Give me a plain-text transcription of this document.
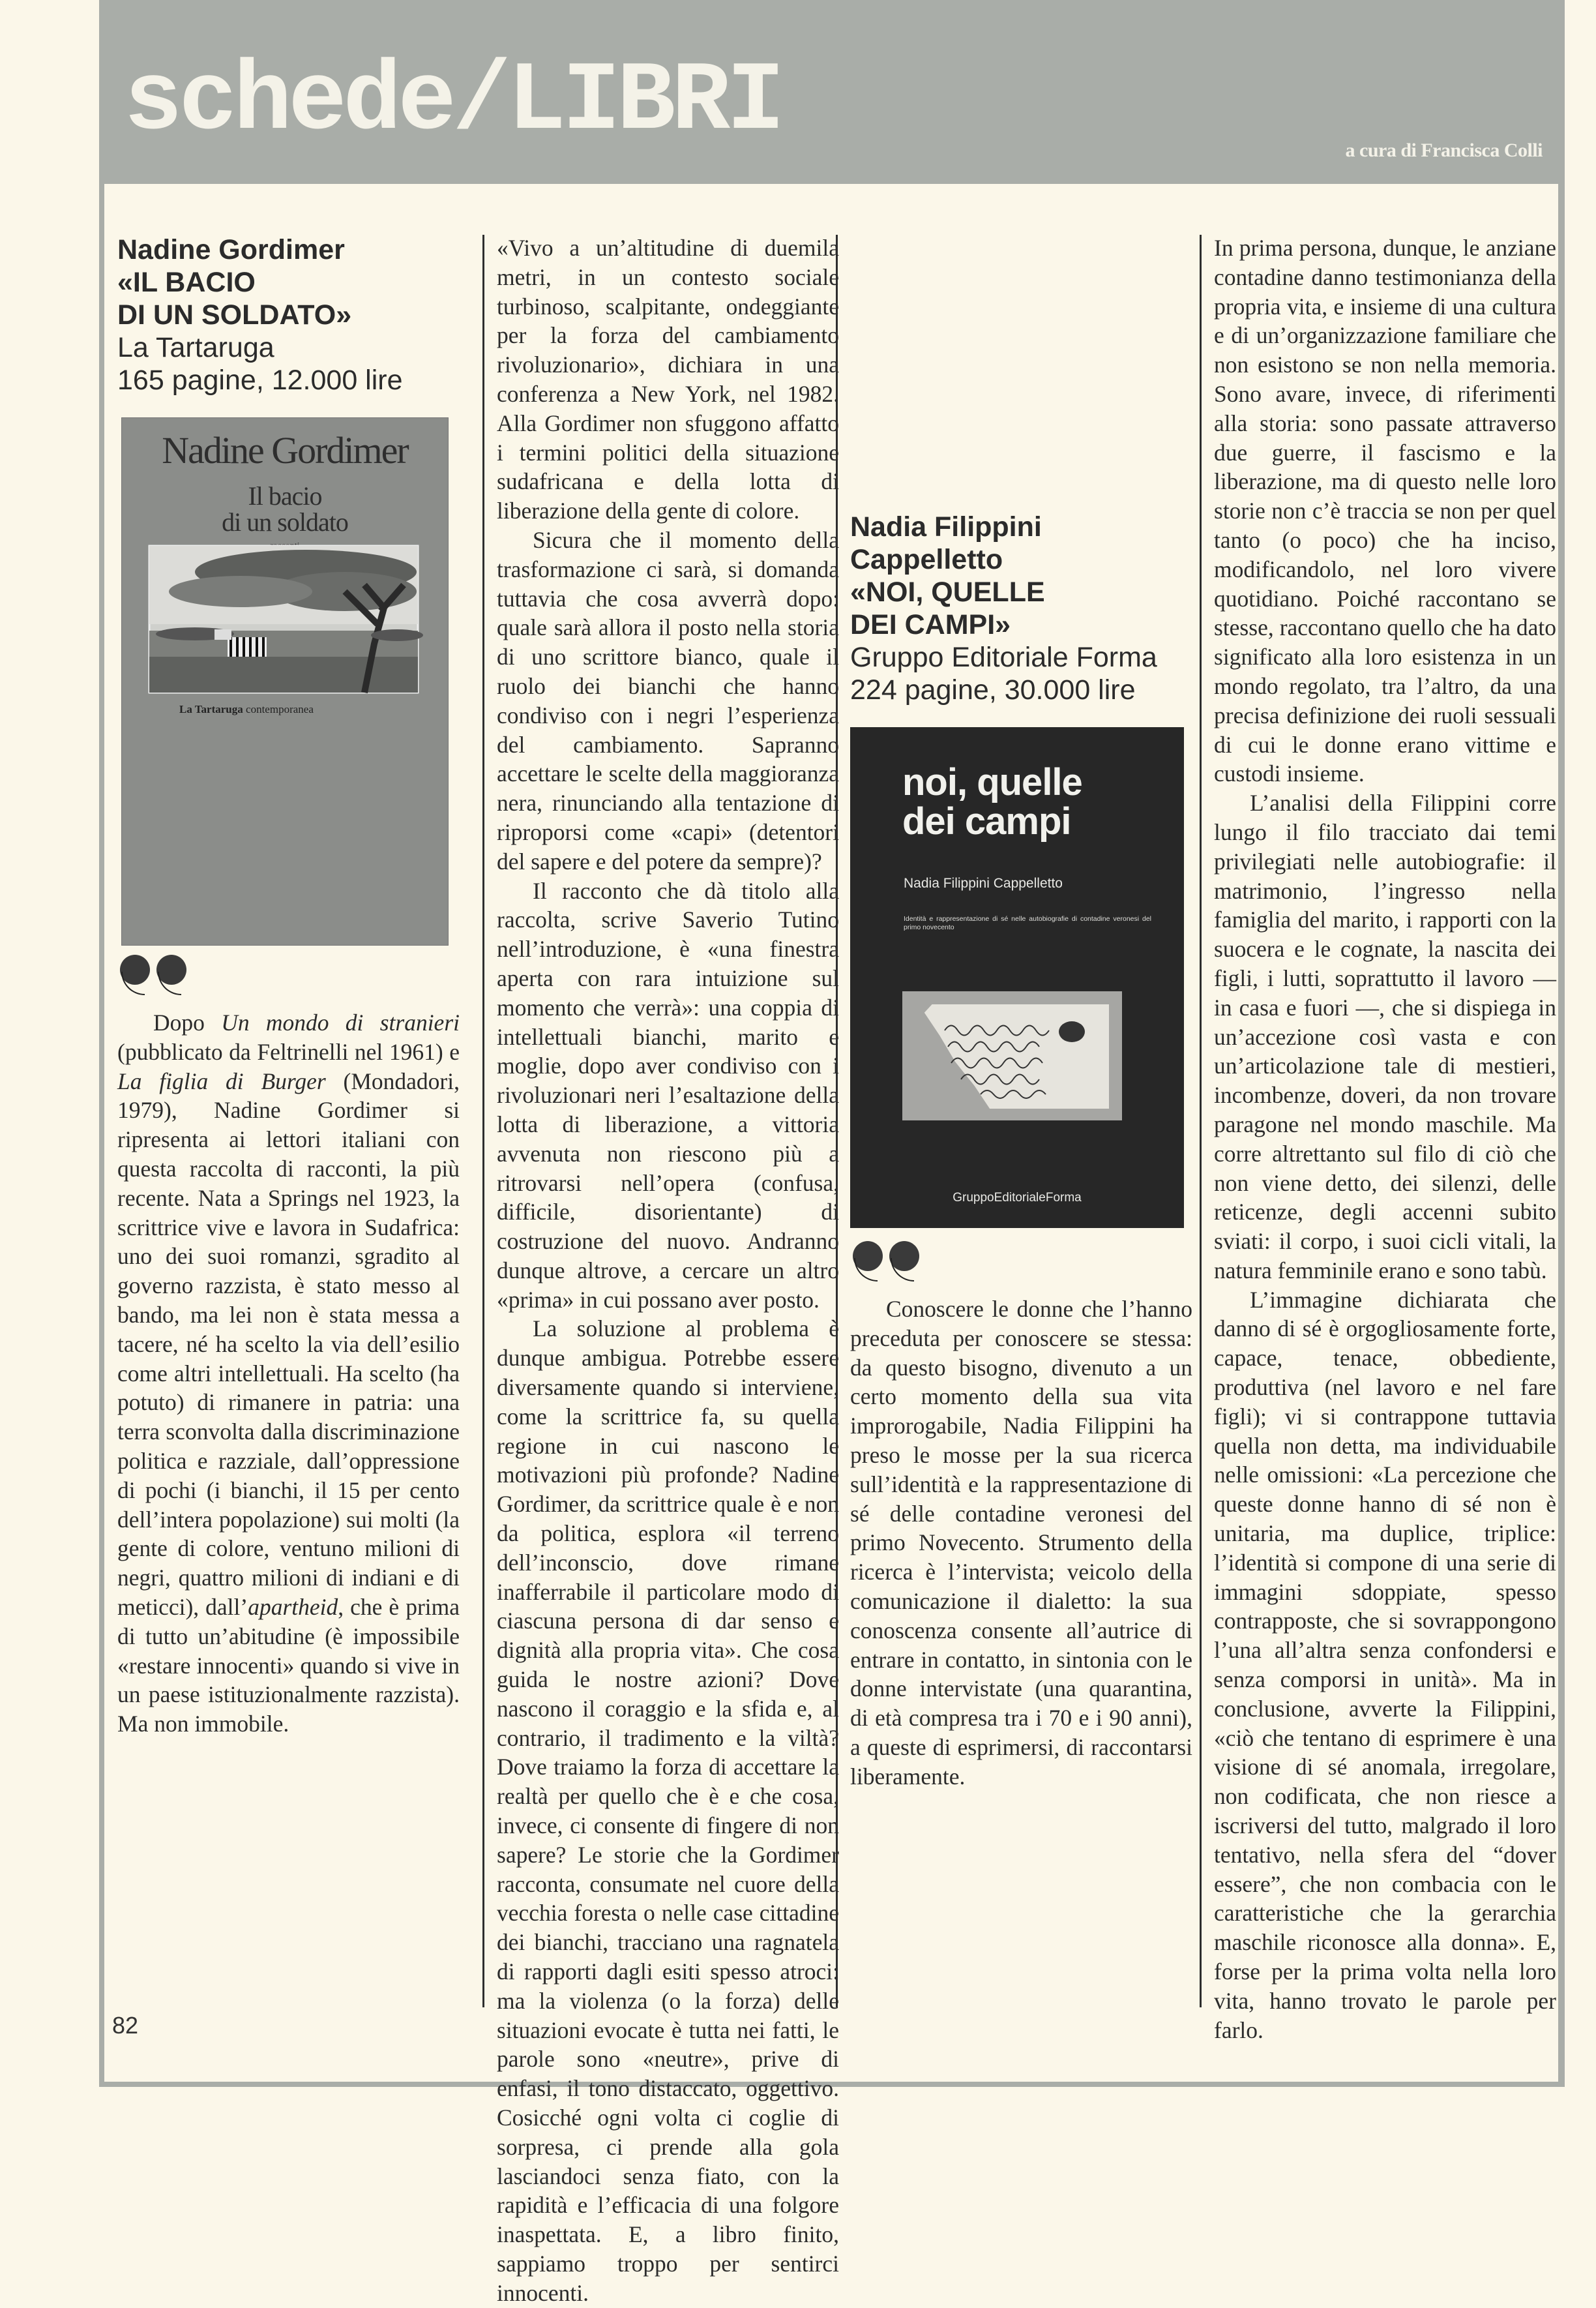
schede/LIBRI	a cura di Francisca Colli
Nadine Gordimer
«IL BACIO
DI UN SOLDATO»
La Tartaruga
165 pagine, 12.000 lire
Nadine Gordimer
Il bacio
di un soldato
La Tartaruga contemporanea

Dopo Un mondo di stranieri (pubblicato da Feltrinelli nel 1961) e La figlia di Burger (Mondadori, 1979), Nadine Gordimer si ripresenta ai lettori italiani con questa raccolta di racconti, la più recente. Nata a Springs nel 1923, la scrittrice vive e lavora in Sudafrica: uno dei suoi romanzi, sgradito al governo razzista, è stato messo al bando, ma lei non è stata messa a tacere, né ha scelto la via dell’esilio come altri intellettuali. Ha scelto (ha potuto) di rimanere in patria: una terra sconvolta dalla discriminazione politica e razziale, dall’oppressione di pochi (i bianchi, il 15 per cento dell’intera popolazione) sui molti (la gente di colore, ventuno milioni di negri, quattro milioni di indiani e di meticci), dall’apartheid, che è prima di tutto un’abitudine (è impossibile «restare innocenti» quando si vive in un paese istituzionalmente razzista). Ma non immobile.

«Vivo a un’altitudine di duemila metri, in un contesto sociale turbinoso, scalpitante, ondeggiante per la forza del cambiamento rivoluzionario», dichiara in una conferenza a New York, nel 1982. Alla Gordimer non sfuggono affatto i termini politici della situazione sudafricana e della lotta di liberazione della gente di colore.

Sicura che il momento della trasformazione ci sarà, si domanda tuttavia che cosa avverrà dopo: quale sarà allora il posto nella storia di uno scrittore bianco, quale il ruolo dei bianchi che hanno condiviso con i negri l’esperienza del cambiamento. Sapranno accettare le scelte della maggioranza nera, rinunciando alla tentazione di riproporsi come «capi» (detentori del sapere e del potere da sempre)?

Il racconto che dà titolo alla raccolta, scrive Saverio Tutino nell’introduzione, è «una finestra aperta con rara intuizione sul momento che verrà»: una coppia di intellettuali bianchi, marito e moglie, dopo aver condiviso con i rivoluzionari neri l’esaltazione della lotta di liberazione, a vittoria avvenuta non riescono più a ritrovarsi nell’opera (confusa, difficile, disorientante) di costruzione del nuovo. Andranno dunque altrove, a cercare un altro «prima» in cui possano aver posto.

La soluzione al problema è dunque ambigua. Potrebbe essere diversamente quando si interviene, come la scrittrice fa, su quella regione in cui nascono le motivazioni più profonde? Nadine Gordimer, da scrittrice quale è e non da politica, esplora «il terreno dell’inconscio, dove rimane inafferrabile il particolare modo di ciascuna persona di dar senso e dignità alla propria vita». Che cosa guida le nostre azioni? Dove nascono il coraggio e la sfida e, al contrario, il tradimento e la viltà? Dove traiamo la forza di accettare la realtà per quello che è e che cosa, invece, ci consente di fingere di non sapere? Le storie che la Gordimer racconta, consumate nel cuore della vecchia foresta o nelle case cittadine dei bianchi, tracciano una ragnatela di rapporti dagli esiti spesso atroci: ma la violenza (o la forza) delle situazioni evocate è tutta nei fatti, le parole sono «neutre», prive di enfasi, il tono distaccato, oggettivo. Cosicché ogni volta ci coglie di sorpresa, ci prende alla gola lasciandoci senza fiato, con la rapidità e l’efficacia di una folgore inaspettata. E, a libro finito, sappiamo troppo per sentirci innocenti.

Nadia Filippini
Cappelletto
«NOI, QUELLE
DEI CAMPI»
Gruppo Editoriale Forma
224 pagine, 30.000 lire
noi, quelle
dei campi
Nadia Filippini Cappelletto
Identità e rappresentazione di sé nelle autobiografie di contadine veronesi del primo novecento
GruppoEditorialeForma

Conoscere le donne che l’hanno preceduta per conoscere se stessa: da questo bisogno, divenuto a un certo momento della sua vita improrogabile, Nadia Filippini ha preso le mosse per la sua ricerca sull’identità e la rappresentazione di sé delle contadine veronesi del primo Novecento. Strumento della ricerca è l’intervista; veicolo della comunicazione il dialetto: la sua conoscenza consente all’autrice di entrare in contatto, in sintonia con le donne intervistate (una quarantina, di età compresa tra i 70 e i 90 anni), a queste di esprimersi, di raccontarsi liberamente.

In prima persona, dunque, le anziane contadine danno testimonianza della propria vita, e insieme di una cultura e di un’organizzazione familiare che non esistono se non nella memoria. Sono avare, invece, di riferimenti alla storia: sono passate attraverso due guerre, il fascismo e la liberazione, ma di questo nelle loro storie non c’è traccia se non per quel tanto (o poco) che ha inciso, modificandolo, nel loro vivere quotidiano. Poiché raccontano se stesse, raccontano quello che ha dato significato alla loro esistenza in un mondo regolato, tra l’altro, da una precisa definizione dei ruoli sessuali di cui le donne erano vittime e custodi insieme.

L’analisi della Filippini corre lungo il filo tracciato dai temi privilegiati nelle autobiografie: il matrimonio, l’ingresso nella famiglia del marito, i rapporti con la suocera e le cognate, la nascita dei figli, i lutti, soprattutto il lavoro — in casa e fuori —, che si dispiega in un’accezione così vasta e con un’articolazione tale di mestieri, incombenze, doveri, da non trovare paragone nel mondo maschile. Ma corre altrettanto sul filo di ciò che non viene detto, dei silenzi, delle reticenze, degli accenni subito sviati: il corpo, i suoi cicli vitali, la natura femminile erano e sono tabù.

L’immagine dichiarata che danno di sé è orgogliosamente forte, capace, tenace, obbediente, produttiva (nel lavoro e nel fare figli); vi si contrappone tuttavia quella non detta, ma individuabile nelle omissioni: «La percezione che queste donne hanno di sé non è unitaria, ma duplice, triplice: l’identità si compone di una serie di immagini sdoppiate, spesso contrapposte, che si sovrappongono l’una all’altra senza confondersi e senza comporsi in unità». Ma in conclusione, avverte la Filippini, «ciò che tentano di esprimere è una visione di sé anomala, irregolare, non codificata, che non riesce a iscriversi del tutto, malgrado il loro tentativo, nella sfera del “dover essere”, che non combacia con le caratteristiche che la gerarchia maschile riconosce alla donna». E, forse per la prima volta nella loro vita, hanno trovato le parole per farlo.

82
